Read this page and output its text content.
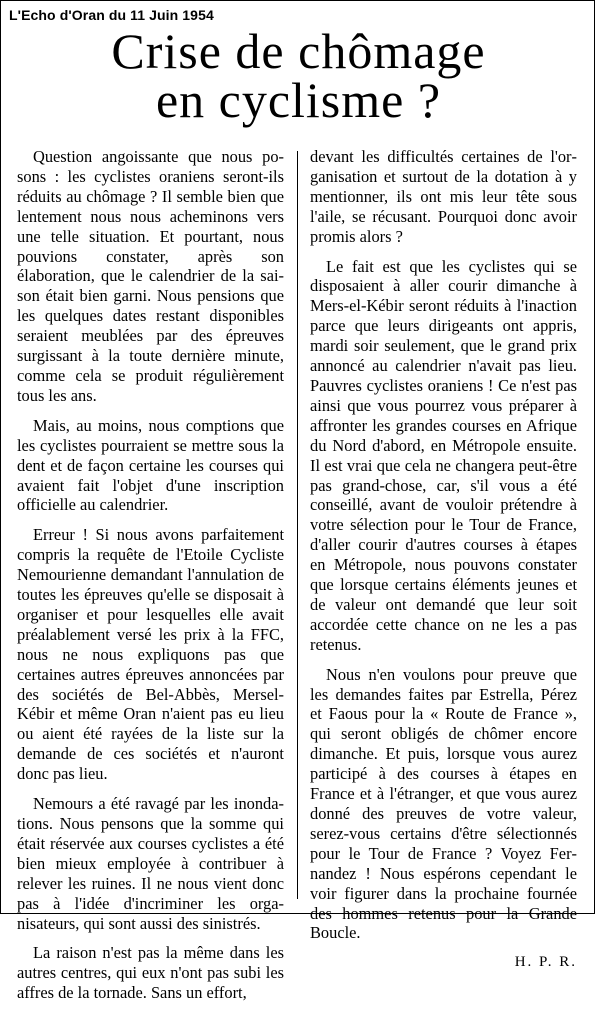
L'Echo d'Oran du 11 Juin 1954
Crise de chômage
en cyclisme ?

Question angoissante que nous posons : les cyclistes oraniens seront-ils réduits au chômage ? Il semble bien que lentement nous nous acheminons vers une telle situation. Et pourtant, nous pouvions constater, après son élaboration, que le calendrier de la saison était bien garni. Nous pensions que les quelques dates restant disponibles seraient meublées par des épreuves surgissant à la toute dernière minute, comme cela se produit régulièrement tous les ans.

Mais, au moins, nous comptions que les cyclistes pourraient se mettre sous la dent et de façon certaine les courses qui avaient fait l'objet d'une inscription officielle au calendrier.

Erreur ! Si nous avons parfaitement compris la requête de l'Etoile Cycliste Nemourienne demandant l'annulation de toutes les épreuves qu'elle se disposait à organiser et pour lesquelles elle avait préalablement versé les prix à la FFC, nous ne nous expliquons pas que certaines autres épreuves annoncées par des sociétés de Bel-Abbès, Mersel-Kébir et même Oran n'aient pas eu lieu ou aient été rayées de la liste sur la demande de ces sociétés et n'auront donc pas lieu.

Nemours a été ravagé par les inondations. Nous pensons que la somme qui était réservée aux courses cyclistes a été bien mieux employée à contribuer à relever les ruines. Il ne nous vient donc pas à l'idée d'incriminer les organisateurs, qui sont aussi des sinistrés.

La raison n'est pas la même dans les autres centres, qui eux n'ont pas subi les affres de la tornade. Sans un effort,

devant les difficultés certaines de l'organisation et surtout de la dotation à y mentionner, ils ont mis leur tête sous l'aile, se récusant. Pourquoi donc avoir promis alors ?

Le fait est que les cyclistes qui se disposaient à aller courir dimanche à Mers-el-Kébir seront réduits à l'inaction parce que leurs dirigeants ont appris, mardi soir seulement, que le grand prix annoncé au calendrier n'avait pas lieu. Pauvres cyclistes oraniens ! Ce n'est pas ainsi que vous pourrez vous préparer à affronter les grandes courses en Afrique du Nord d'abord, en Métropole ensuite. Il est vrai que cela ne changera peut-être pas grand-chose, car, s'il vous a été conseillé, avant de vouloir prétendre à votre sélection pour le Tour de France, d'aller courir d'autres courses à étapes en Métropole, nous pouvons constater que lorsque certains éléments jeunes et de valeur ont demandé que leur soit accordée cette chance on ne les a pas retenus.

Nous n'en voulons pour preuve que les demandes faites par Estrella, Pérez et Faous pour la « Route de France », qui seront obligés de chômer encore dimanche. Et puis, lorsque vous aurez participé à des courses à étapes en France et à l'étranger, et que vous aurez donné des preuves de votre valeur, serez-vous certains d'être sélectionnés pour le Tour de France ? Voyez Fernandez ! Nous espérons cependant le voir figurer dans la prochaine fournée des hommes retenus pour la Grande Boucle.

H. P. R.
